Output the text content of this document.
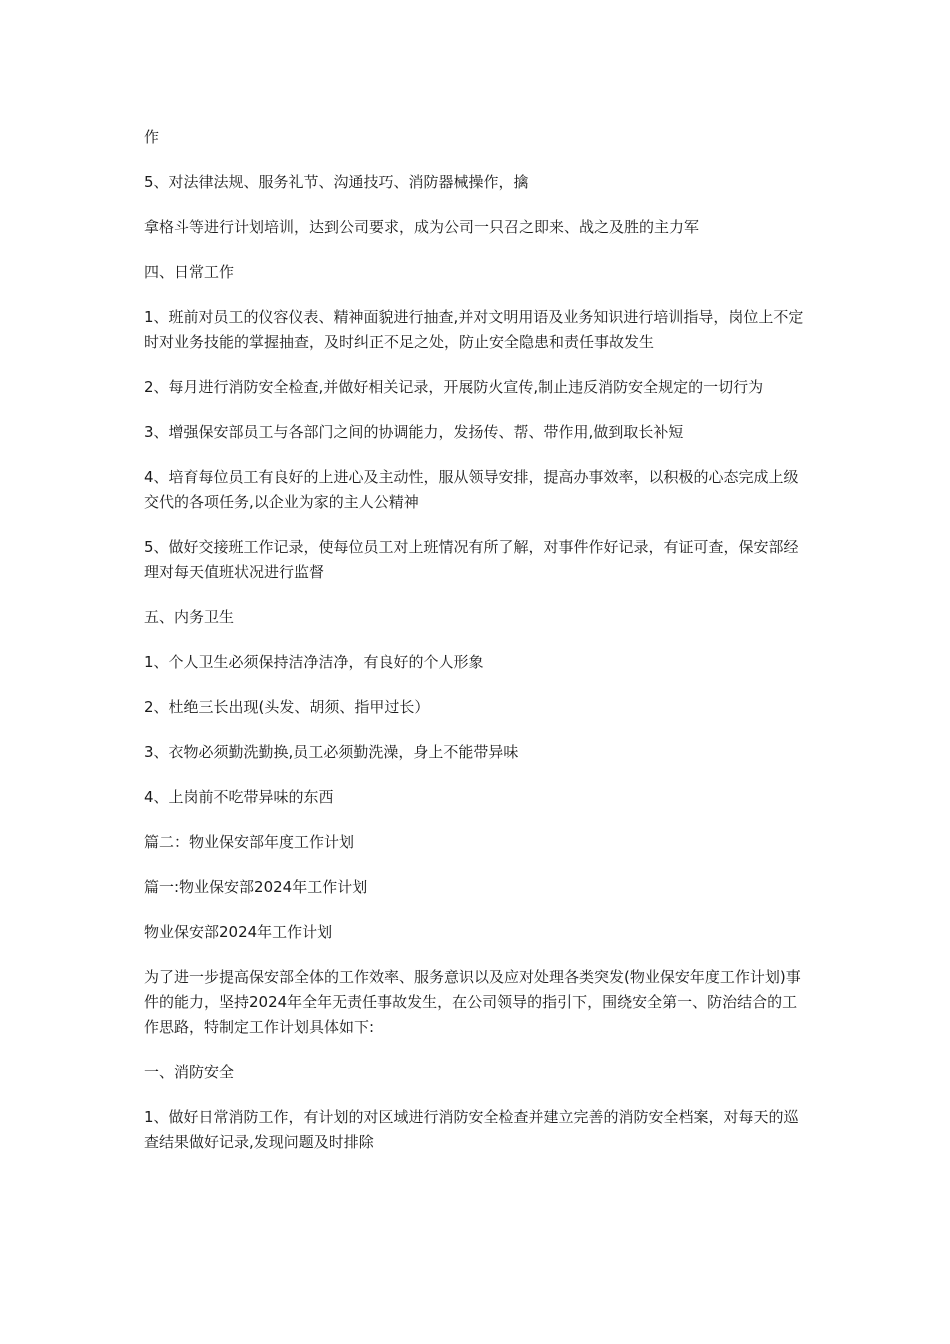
作

5、对法律法规、服务礼节、沟通技巧、消防器械操作，擒

拿格斗等进行计划培训，达到公司要求，成为公司一只召之即来、战之及胜的主力军

四、日常工作

1、班前对员工的仪容仪表、精神面貌进行抽查,并对文明用语及业务知识进行培训指导，岗位上不定时对业务技能的掌握抽查，及时纠正不足之处，防止安全隐患和责任事故发生

2、每月进行消防安全检查,并做好相关记录，开展防火宣传,制止违反消防安全规定的一切行为

3、增强保安部员工与各部门之间的协调能力，发扬传、帮、带作用,做到取长补短

4、培育每位员工有良好的上进心及主动性，服从领导安排，提高办事效率，以积极的心态完成上级交代的各项任务,以企业为家的主人公精神

5、做好交接班工作记录，使每位员工对上班情况有所了解，对事件作好记录，有证可查，保安部经理对每天值班状况进行监督

五、内务卫生

1、个人卫生必须保持洁净洁净，有良好的个人形象

2、杜绝三长出现(头发、胡须、指甲过长）

3、衣物必须勤洗勤换,员工必须勤洗澡，身上不能带异味

4、上岗前不吃带异味的东西

篇二：物业保安部年度工作计划

篇一:物业保安部2024年工作计划

物业保安部2024年工作计划

为了进一步提高保安部全体的工作效率、服务意识以及应对处理各类突发(物业保安年度工作计划)事件的能力，坚持2024年全年无责任事故发生，在公司领导的指引下，围绕安全第一、防治结合的工作思路，特制定工作计划具体如下:

一、消防安全

1、做好日常消防工作，有计划的对区域进行消防安全检查并建立完善的消防安全档案，对每天的巡查结果做好记录,发现问题及时排除
